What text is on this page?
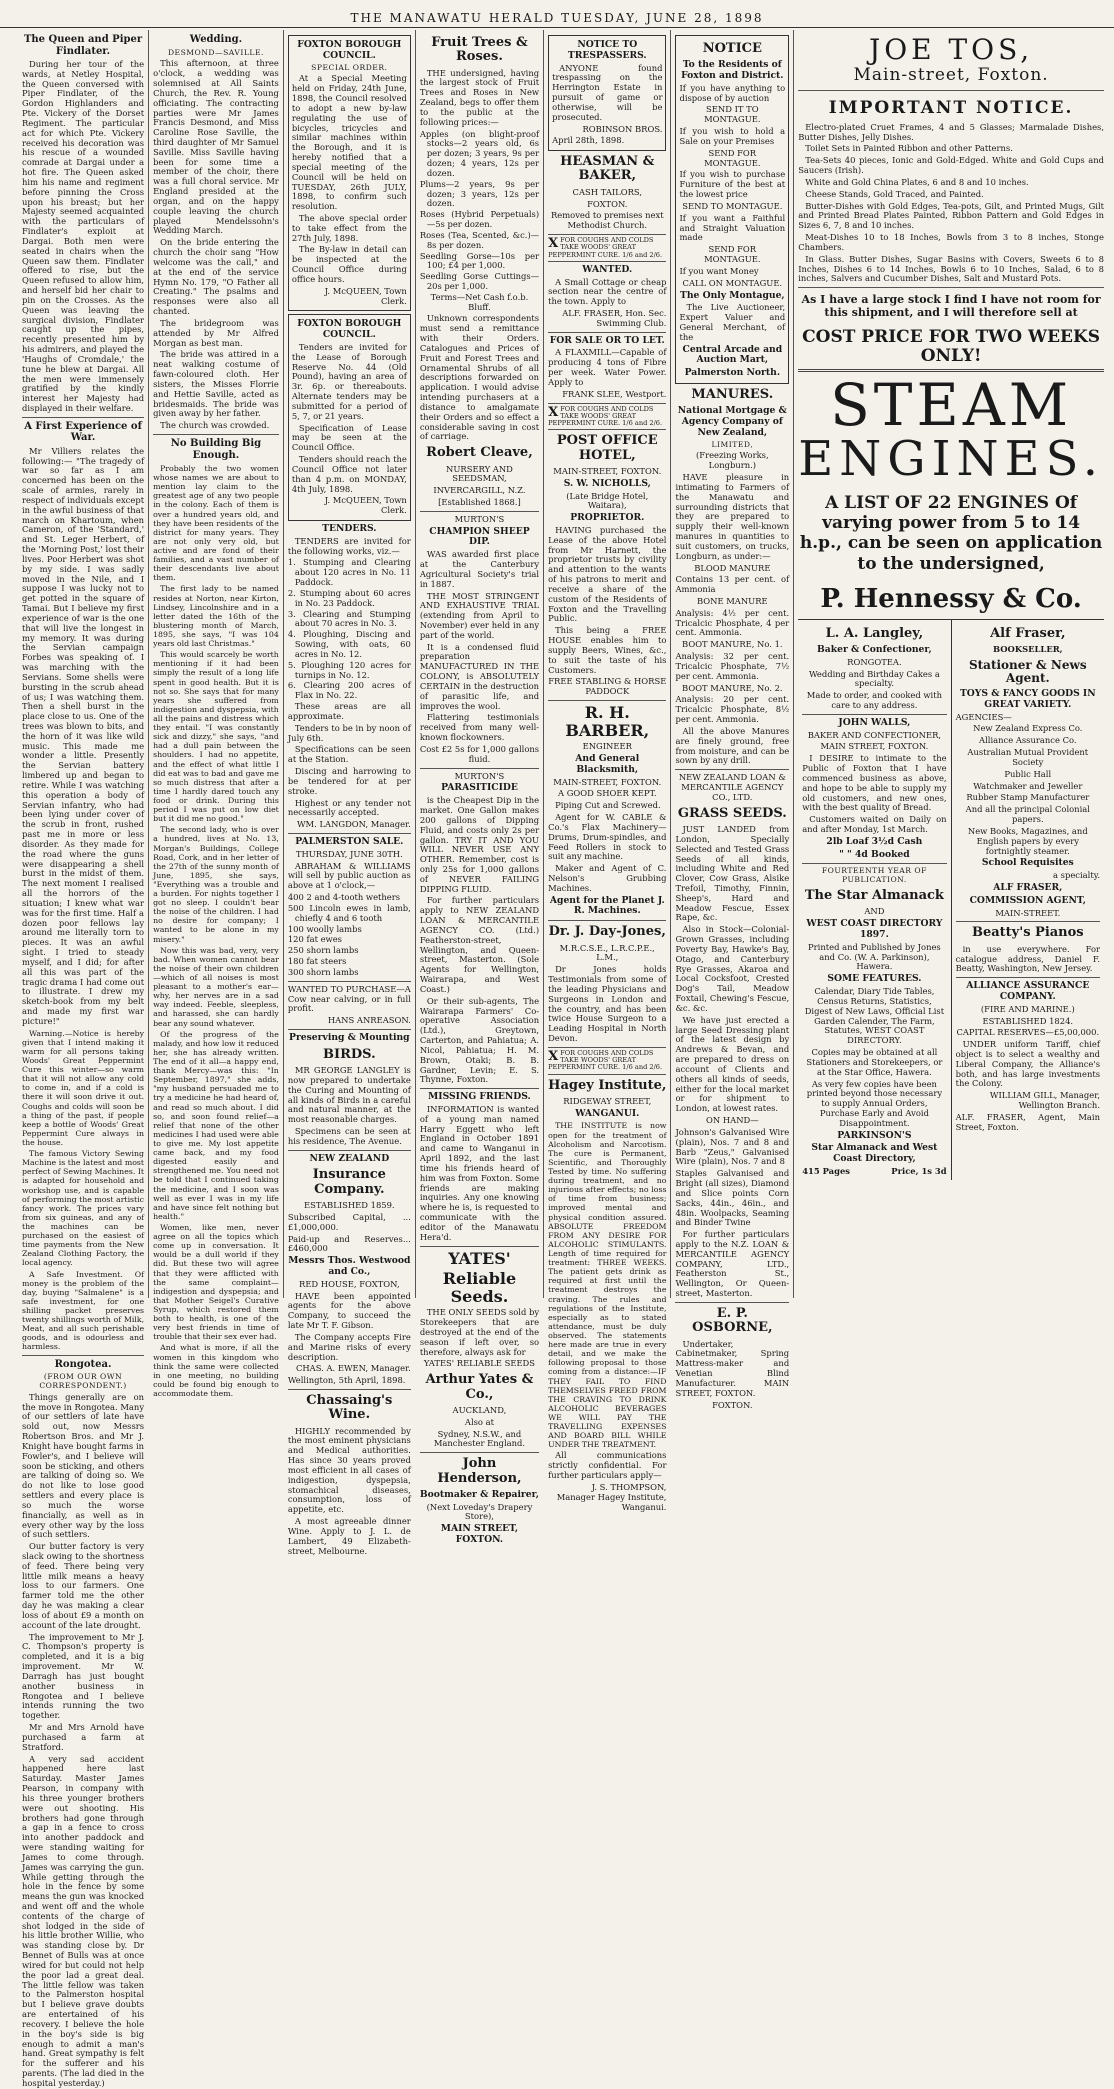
THE MANAWATU HERALD TUESDAY, JUNE 28, 1898
The Queen and Piper Findlater.

During her tour of the wards, at Netley Hospital, the Queen conversed with Piper Findlater, of the Gordon Highlanders and Pte. Vickery of the Dorset Regiment. The particular act for which Pte. Vickery received his decoration was his rescue of a wounded comrade at Dargai under a hot fire. The Queen asked him his name and regiment before pinning the Cross upon his breast; but her Majesty seemed acquainted with the particulars of Findlater's exploit at Dargai. Both men were seated in chairs when the Queen saw them. Findlater offered to rise, but the Queen refused to allow him, and herself bid her chair to pin on the Crosses. As the Queen was leaving the surgical division, Findlater caught up the pipes, recently presented him by his admirers, and played the 'Haughs of Cromdale,' the tune he blew at Dargai. All the men were immensely gratified by the kindly interest her Majesty had displayed in their welfare.

A First Experience of War.

Mr Villiers relates the following:— "The tragedy of war so far as I am concerned has been on the scale of armies, rarely in respect of individuals except in the awful business of that march on Khartoum, when Cameron, of the 'Standard,' and St. Leger Herbert, of the 'Morning Post,' lost their lives. Poor Herbert was shot by my side. I was sadly moved in the Nile, and I suppose I was lucky not to get potted in the square of Tamai. But I believe my first experience of war is the one that will live the longest in my memory. It was during the Servian campaign Forbes was speaking of. I was marching with the Servians. Some shells were bursting in the scrub ahead of us; I was watching them. Then a shell burst in the place close to us. One of the trees was blown to bits, and the horn of it was like wild music. This made me wonder a little. Presently the Servian battery limbered up and began to retire. While I was watching this operation a body of Servian infantry, who had been lying under cover of the scrub in front, rushed past me in more or less disorder. As they made for the road where the guns were disappearing a shell burst in the midst of them. The next moment I realised all the horrors of the situation; I knew what war was for the first time. Half a dozen poor fellows lay around me literally torn to pieces. It was an awful sight. I tried to steady myself, and I did; for after all this was part of the tragic drama I had come out to illustrate. I drew my sketch-book from my belt and made my first war picture!"

Warning.—Notice is hereby given that I intend making it warm for all persons taking Woods' Great Peppermint Cure this winter—so warm that it will not allow any cold to come in, and if a cold is there it will soon drive it out. Coughs and colds will soon be a thing of the past, if people keep a bottle of Woods' Great Peppermint Cure always in the house.

The famous Victory Sewing Machine is the latest and most perfect of Sewing Machines. It is adapted for household and workshop use, and is capable of performing the most artistic fancy work. The prices vary from six guineas, and any of the machines can be purchased on the easiest of time payments from the New Zealand Clothing Factory, the local agency.

A Safe Investment. Of money is the problem of the day, buying "Salmalene" is a safe investment, for one shilling packet preserves twenty shillings worth of Milk, Meat, and all such perishable goods, and is odourless and harmless.

Rongotea.

(FROM OUR OWN CORRESPONDENT.)

Things generally are on the move in Rongotea. Many of our settlers of late have sold out, now Messrs Robertson Bros. and Mr J. Knight have bought farms in Fowler's, and I believe will soon be sticking, and others are talking of doing so. We do not like to lose good settlers and every place is so much the worse financially, as well as in every other way by the loss of such settlers.

Our butter factory is very slack owing to the shortness of feed. There being very little milk means a heavy loss to our farmers. One farmer told me the other day he was making a clear loss of about £9 a month on account of the late drought.

The improvement to Mr J. C. Thompson's property is completed, and it is a big improvement. Mr W. Darragh has just bought another business in Rongotea and I believe intends running the two together.

Mr and Mrs Arnold have purchased a farm at Stratford.

A very sad accident happened here last Saturday. Master James Pearson, in company with his three younger brothers were out shooting. His brothers had gone through a gap in a fence to cross into another paddock and were standing waiting for James to come through. James was carrying the gun. While getting through the hole in the fence by some means the gun was knocked and went off and the whole contents of the charge of shot lodged in the side of his little brother Willie, who was standing close by. Dr Bennet of Bulls was at once wired for but could not help the poor lad a great deal. The little fellow was taken to the Palmerston hospital but I believe grave doubts are entertained of his recovery. I believe the hole in the boy's side is big enough to admit a man's hand. Great sympathy is felt for the sufferer and his parents. (The lad died in the hospital yesterday.)

Wedding.

DESMOND—SAVILLE.

This afternoon, at three o'clock, a wedding was solemnised at All Saints Church, the Rev. R. Young officiating. The contracting parties were Mr James Francis Desmond, and Miss Caroline Rose Saville, the third daughter of Mr Samuel Saville. Miss Saville having been for some time a member of the choir, there was a full choral service. Mr England presided at the organ, and on the happy couple leaving the church played Mendelssohn's Wedding March.

On the bride entering the church the choir sang "How welcome was the call," and at the end of the service Hymn No. 179, "O Father all Creating." The psalms and responses were also all chanted.

The bridegroom was attended by Mr Alfred Morgan as best man.

The bride was attired in a neat walking costume of fawn-coloured cloth. Her sisters, the Misses Florrie and Hettie Saville, acted as bridesmaids. The bride was given away by her father.

The church was crowded.

No Building Big Enough.

Probably the two women whose names we are about to mention lay claim to the greatest age of any two people in the colony. Each of them is over a hundred years old, and they have been residents of the district for many years. They are not only very old, but active and are fond of their families, and a vast number of their descendants live about them.

The first lady to be named resides at Norton, near Kirton, Lindsey, Lincolnshire and in a letter dated the 16th of the blustering month of March, 1895, she says, "I was 104 years old last Christmas."

This would scarcely be worth mentioning if it had been simply the result of a long life spent in good health. But it is not so. She says that for many years she suffered from indigestion and dyspepsia, with all the pains and distress which they entail. "I was constantly sick and dizzy," she says, "and had a dull pain between the shoulders. I had no appetite, and the effect of what little I did eat was to bad and gave me so much distress that after a time I hardly dared touch any food or drink. During this period I was put on low diet but it did me no good."

The second lady, who is over a hundred, lives at No. 13, Morgan's Buildings, College Road, Cork, and in her letter of the 27th of the sunny month of June, 1895, she says, "Everything was a trouble and a burden. For nights together I got no sleep. I couldn't bear the noise of the children. I had no desire for company; I wanted to be alone in my misery."

Now this was bad, very, very bad. When women cannot bear the noise of their own children—which of all noises is most pleasant to a mother's ear—why, her nerves are in a sad way indeed. Feeble, sleepless, and harassed, she can hardly bear any sound whatever.

Of the progress of the malady, and how low it reduced her, she has already written. The end of it all—a happy end, thank Mercy—was this: "In September, 1897," she adds, "my husband persuaded me to try a medicine he had heard of, and read so much about. I did so, and soon found relief—a relief that none of the other medicines I had used were able to give me. My lost appetite came back, and my food digested easily and strengthened me. You need not be told that I continued taking the medicine, and I soon was well as ever I was in my life and have since felt nothing but health."

Women, like men, never agree on all the topics which come up in conversation. It would be a dull world if they did. But these two will agree that they were afflicted with the same complaint—indigestion and dyspepsia; and that Mother Seigel's Curative Syrup, which restored them both to health, is one of the very best friends in time of trouble that their sex ever had.

And what is more, if all the women in this kingdom who think the same were collected in one meeting, no building could be found big enough to accommodate them.

FOXTON BOROUGH COUNCIL.

SPECIAL ORDER.

At a Special Meeting held on Friday, 24th June, 1898, the Council resolved to adopt a new by-law regulating the use of bicycles, tricycles and similar machines within the Borough, and it is hereby notified that a special meeting of the Council will be held on TUESDAY, 26th JULY, 1898, to confirm such resolution.

The above special order to take effect from the 27th July, 1898.

The By-law in detail can be inspected at the Council Office during office hours.

J. McQUEEN, Town Clerk.

FOXTON BOROUGH COUNCIL.

Tenders are invited for the Lease of Borough Reserve No. 44 (Old Pound), having an area of 3r. 6p. or thereabouts. Alternate tenders may be submitted for a period of 5, 7, or 21 years.

Specification of Lease may be seen at the Council Office.

Tenders should reach the Council Office not later than 4 p.m. on MONDAY, 4th July, 1898.

J. McQUEEN, Town Clerk.

TENDERS.

TENDERS are invited for the following works, viz.—

1. Stumping and Clearing about 120 acres in No. 11 Paddock.
2. Stumping about 60 acres in No. 23 Paddock.
3. Clearing and Stumping about 70 acres in No. 3.
4. Ploughing, Discing and Sowing, with oats, 60 acres in No. 12.
5. Ploughing 120 acres for turnips in No. 12.
6. Clearing 200 acres of Flax in No. 22.

These areas are all approximate.

Tenders to be in by noon of July 6th.

Specifications can be seen at the Station.

Discing and harrowing to be tendered for at per stroke.

Highest or any tender not necessarily accepted.

WM. LANGDON, Manager.

PALMERSTON SALE.

THURSDAY, JUNE 30TH.

ABRAHAM & WILLIAMS will sell by public auction as above at 1 o'clock,—

400 2 and 4-tooth wethers
500 Lincoln ewes in lamb, chiefly 4 and 6 tooth
100 woolly lambs
120 fat ewes
250 shorn lambs
180 fat steers
300 shorn lambs

WANTED TO PURCHASE—A Cow near calving, or in full profit.

HANS ANREASON.

Preserving & Mounting
BIRDS.

MR GEORGE LANGLEY is now prepared to undertake the Curing and Mounting of all kinds of Birds in a careful and natural manner, at the most reasonable charges.

Specimens can be seen at his residence, The Avenue.

NEW ZEALAND
Insurance Company.

ESTABLISHED 1859.

Subscribed Capital, ... £1,000,000.

Paid-up and Reserves... £460,000

Messrs Thos. Westwood and Co.,

RED HOUSE, FOXTON,

HAVE been appointed agents for the above Company, to succeed the late Mr T. F. Gibson.

The Company accepts Fire and Marine risks of every description.

CHAS. A. EWEN, Manager.

Wellington, 5th April, 1898.

Chassaing's Wine.

HIGHLY recommended by the most eminent physicians and Medical authorities. Has since 30 years proved most efficient in all cases of indigestion, dyspepsia, stomachical diseases, consumption, loss of appetite, etc.

A most agreeable dinner Wine. Apply to J. L. de Lambert, 49 Elizabeth-street, Melbourne.

Fruit Trees & Roses.

THE undersigned, having the largest stock of Fruit Trees and Roses in New Zealand, begs to offer them to the public at the following prices:—

Apples (on blight-proof stocks—2 years old, 6s per dozen; 3 years, 9s per dozen; 4 years, 12s per dozen.
Plums—2 years, 9s per dozen; 3 years, 12s per dozen.
Roses (Hybrid Perpetuals)—5s per dozen.
Roses (Tea, Scented, &c.)—8s per dozen.
Seedling Gorse—10s per 100; £4 per 1,000.
Seedling Gorse Cuttings—20s per 1,000.

Terms—Net Cash f.o.b. Bluff.

Unknown correspondents must send a remittance with their Orders. Catalogues and Prices of Fruit and Forest Trees and Ornamental Shrubs of all descriptions forwarded on application. I would advise intending purchasers at a distance to amalgamate their Orders and so effect a considerable saving in cost of carriage.

Robert Cleave,

NURSERY AND SEEDSMAN,

INVERCARGILL, N.Z.

[Established 1868.]

MURTON'S

CHAMPION SHEEP DIP.

WAS awarded first place at the Canterbury Agricultural Society's trial in 1887.

THE MOST STRINGENT AND EXHAUSTIVE TRIAL (extending from April to November) ever held in any part of the world.

It is a condensed fluid preparation MANUFACTURED IN THE COLONY, is ABSOLUTELY CERTAIN in the destruction of parasitic life, and improves the wool.

Flattering testimonials received from many well-known flockowners.

Cost £2 5s for 1,000 gallons fluid.

MURTON'S

PARASITICIDE

is the Cheapest Dip in the market. One Gallon makes 200 gallons of Dipping Fluid, and costs only 2s per gallon. TRY IT AND YOU WILL NEVER USE ANY OTHER. Remember, cost is only 25s for 1,000 gallons of NEVER FAILING DIPPING FLUID.

For further particulars apply to NEW ZEALAND LOAN & MERCANTILE AGENCY CO. (Ltd.) Featherston-street, Wellington, and Queen-street, Masterton. (Sole Agents for Wellington, Wairarapa, and West Coast.)

Or their sub-agents, The Wairarapa Farmers' Co-operative Association (Ltd.), Greytown, Carterton, and Pahiatua; A. Nicol, Pahiatua; H. M. Brown, Otaki; B. B. Gardner, Levin; E. S. Thynne, Foxton.

MISSING FRIENDS.

INFORMATION is wanted of a young man named Harry Eggett who left England in October 1891 and came to Wanganui in April 1892, and the last time his friends heard of him was from Foxton. Some friends are making inquiries. Any one knowing where he is, is requested to communicate with the editor of the Manawatu Hera'd.

YATES'
Reliable Seeds.

THE ONLY SEEDS sold by Storekeepers that are destroyed at the end of the season if left over, so therefore, always ask for

YATES' RELIABLE SEEDS

Arthur Yates & Co.,

AUCKLAND,

Also at

Sydney, N.S.W., and Manchester England.

John Henderson,
Bootmaker & Repairer,

(Next Loveday's Drapery Store),

MAIN STREET, FOXTON.
NOTICE TO TRESPASSERS.

ANYONE found trespassing on the Herrington Estate in pursuit of game or otherwise, will be prosecuted.

ROBINSON BROS.

April 28th, 1898.

HEASMAN & BAKER,

CASH TAILORS,

FOXTON.

Removed to premises next Methodist Church.

XFOR COUGHS AND COLDS TAKE WOODS' GREAT PEPPERMINT CURE. 1/6 and 2/6.
WANTED.

A Small Cottage or cheap section near the centre of the town. Apply to

ALF. FRASER, Hon. Sec. Swimming Club.

FOR SALE OR TO LET.

A FLAXMILL—Capable of producing 4 tons of Fibre per week. Water Power. Apply to

FRANK SLEE, Westport.

XFOR COUGHS AND COLDS TAKE WOODS' GREAT PEPPERMINT CURE. 1/6 and 2/6.
POST OFFICE HOTEL,

MAIN-STREET, FOXTON.

S. W. NICHOLLS,

(Late Bridge Hotel, Waitara),

PROPRIETOR.

HAVING purchased the Lease of the above Hotel from Mr Harnett, the proprietor trusts by civility and attention to the wants of his patrons to merit and receive a share of the custom of the Residents of Foxton and the Travelling Public.

This being a FREE HOUSE enables him to supply Beers, Wines, &c., to suit the taste of his Customers.

FREE STABLING & HORSE PADDOCK

R. H. BARBER,

ENGINEER

And General Blacksmith,

MAIN-STREET, FOXTON.

A GOOD SHOER KEPT.

Piping Cut and Screwed.

Agent for W. CABLE & Co.'s Flax Machinery—Drums, Drum-spindles, and Feed Rollers in stock to suit any machine.

Maker and Agent of C. Nelson's Grubbing Machines.

Agent for the Planet J. R. Machines.
Dr. J. Day-Jones,

M.R.C.S.E., L.R.C.P.E., L.M.,

Dr Jones holds Testimonials from some of the leading Physicians and Surgeons in London and the country, and has been twice House Surgeon to a Leading Hospital in North Devon.

XFOR COUGHS AND COLDS TAKE WOODS' GREAT PEPPERMINT CURE. 1/6 and 2/6.
Hagey Institute,

RIDGEWAY STREET,

WANGANUI.

THE INSTITUTE is now open for the treatment of Alcoholism and Narcotism. The cure is Permanent, Scientific, and Thoroughly Tested by time. No suffering during treatment, and no injurious after effects; no loss of time from business; improved mental and physical condition assured. ABSOLUTE FREEDOM FROM ANY DESIRE FOR ALCOHOLIC STIMULANTS. Length of time required for treatment: THREE WEEKS. The patient gets drink as required at first until the treatment destroys the craving. The rules and regulations of the Institute, especially as to stated attendance, must be duly observed. The statements here made are true in every detail, and we make the following proposal to those coming from a distance:—IF THEY FAIL TO FIND THEMSELVES FREED FROM THE CRAVING TO DRINK ALCOHOLIC BEVERAGES WE WILL PAY THE TRAVELLING EXPENSES AND BOARD BILL WHILE UNDER THE TREATMENT.

All communications strictly confidential. For further particulars apply—

J. S. THOMPSON, Manager Hagey Institute, Wanganui.

NOTICE
To the Residents of Foxton and District.

If you have anything to dispose of by auction

SEND IT TO MONTAGUE.

If you wish to hold a Sale on your Premises

SEND FOR MONTAGUE.

If you wish to purchase Furniture of the best at the lowest price

SEND TO MONTAGUE.

If you want a Faithful and Straight Valuation made

SEND FOR MONTAGUE.

If you want Money

CALL ON MONTAGUE.

The Only Montague,

The Live Auctioneer, Expert Valuer and General Merchant, of the

Central Arcade and Auction Mart,
Palmerston North.
MANURES.
National Mortgage & Agency Company of New Zealand,

LIMITED,

(Freezing Works, Longburn.)

HAVE pleasure in intimating to Farmers of the Manawatu and surrounding districts that they are prepared to supply their well-known manures in quantities to suit customers, on trucks, Longburn, as under:—

BLOOD MANURE

Contains 13 per cent. of Ammonia

BONE MANURE

Analysis: 4½ per cent. Tricalcic Phosphate, 4 per cent. Ammonia.

BOOT MANURE, No. 1.

Analysis: 32 per cent. Tricalcic Phosphate, 7½ per cent. Ammonia.

BOOT MANURE, No. 2.

Analysis: 20 per cent. Tricalcic Phosphate, 8½ per cent. Ammonia.

All the above Manures are finely ground, free from moisture, and can be sown by any drill.

NEW ZEALAND LOAN & MERCANTILE AGENCY CO., LTD.

GRASS SEEDS.

JUST LANDED from London, Specially Selected and Tested Grass Seeds of all kinds, including White and Red Clover, Cow Grass, Alsike Trefoil, Timothy, Finnin, Sheep's, Hard and Meadow Fescue, Essex Rape, &c.

Also in Stock—Colonial-Grown Grasses, including Poverty Bay, Hawke's Bay, Otago, and Canterbury Rye Grasses, Akaroa and Local Cocksfoot, Crested Dog's Tail, Meadow Foxtail, Chewing's Fescue, &c. &c.

We have just erected a large Seed Dressing plant of the latest design by Andrews & Bevan, and are prepared to dress on account of Clients and others all kinds of seeds, either for the local market or for shipment to London, at lowest rates.

ON HAND—

Johnson's Galvanised Wire (plain), Nos. 7 and 8 and Barb "Zeus," Galvanised Wire (plain), Nos. 7 and 8

Staples Galvanised and Bright (all sizes), Diamond and Slice points Corn Sacks, 44in., 46in., and 48in. Woolpacks, Seaming and Binder Twine

For further particulars apply to the N.Z. LOAN & MERCANTILE AGENCY COMPANY, LTD., Featherston St., Wellington, Or Queen-street, Masterton.

E. P. OSBORNE,

Undertaker, Cabinetmaker, Spring Mattress-maker and Venetian Blind Manufacturer. MAIN STREET, FOXTON.

FOXTON.

JOE TOS,
Main-street, Foxton.
IMPORTANT NOTICE.

Electro-plated Cruet Frames, 4 and 5 Glasses; Marmalade Dishes, Butter Dishes, Jelly Dishes.

Toilet Sets in Painted Ribbon and other Patterns.

Tea-Sets 40 pieces, Ionic and Gold-Edged. White and Gold Cups and Saucers (Irish).

White and Gold China Plates, 6 and 8 and 10 inches.

Cheese Stands, Gold Traced, and Painted.

Butter-Dishes with Gold Edges, Tea-pots, Gilt, and Printed Mugs, Gilt and Printed Bread Plates Painted, Ribbon Pattern and Gold Edges in Sizes 6, 7, 8 and 10 inches.

Meat-Dishes 10 to 18 Inches, Bowls from 3 to 8 inches, Stonge Chambers.

In Glass. Butter Dishes, Sugar Basins with Covers, Sweets 6 to 8 Inches, Dishes 6 to 14 Inches, Bowls 6 to 10 Inches, Salad, 6 to 8 inches, Salvers and Cucumber Dishes, Salt and Mustard Pots.

As I have a large stock I find I have not room for this shipment, and I will therefore sell at

COST PRICE FOR TWO WEEKS ONLY!
STEAM
ENGINES.
A LIST OF 22 ENGINES Of varying power from 5 to 14 h.p., can be seen on application to the undersigned,
P. Hennessy & Co.
L. A. Langley,
Baker & Confectioner,

RONGOTEA.

Wedding and Birthday Cakes a specialty.

Made to order, and cooked with care to any address.

JOHN WALLS,

BAKER AND CONFECTIONER,

MAIN STREET, FOXTON.

I DESIRE to intimate to the Public of Foxton that I have commenced business as above, and hope to be able to supply my old customers, and new ones, with the best quality of Bread.

Customers waited on Daily on and after Monday, 1st March.

2lb Loaf 3½d Cash
" " 4d Booked

FOURTEENTH YEAR OF PUBLICATION.

The Star Almanack

AND

WEST COAST DIRECTORY 1897.

Printed and Published by Jones and Co. (W. A. Parkinson), Hawera.

SOME FEATURES.

Calendar, Diary Tide Tables, Census Returns, Statistics, Digest of New Laws, Official List Garden Calender, The Farm, Statutes, WEST COAST DIRECTORY.

Copies may be obtained at all Stationers and Storekeepers, or at the Star Office, Hawera.

As very few copies have been printed beyond those necessary to supply Annual Orders, Purchase Early and Avoid Disappointment.

PARKINSON'S
Star Almanack and West Coast Directory,
415 Pages	Price, 1s 3d
Alf Fraser,

BOOKSELLER,

Stationer & News Agent.
TOYS & FANCY GOODS IN GREAT VARIETY.

AGENCIES—

New Zealand Express Co.

Alliance Assurance Co.

Australian Mutual Provident Society

Public Hall

Watchmaker and Jeweller

Rubber Stamp Manufacturer

And all the principal Colonial papers.

New Books, Magazines, and English papers by every fortnightly steamer.

School Requisites

a specialty.

ALF FRASER,
COMMISSION AGENT,

MAIN-STREET.

Beatty's Pianos

in use everywhere. For catalogue address, Daniel F. Beatty, Washington, New Jersey.

ALLIANCE ASSURANCE COMPANY.

(FIRE AND MARINE.)

ESTABLISHED 1824.

CAPITAL RESERVES—£5,00,000.

UNDER uniform Tariff, chief object is to select a wealthy and Liberal Company, the Alliance's both, and has large investments the Colony.

WILLIAM GILL, Manager, Wellington Branch.

ALF. FRASER, Agent, Main Street, Foxton.
